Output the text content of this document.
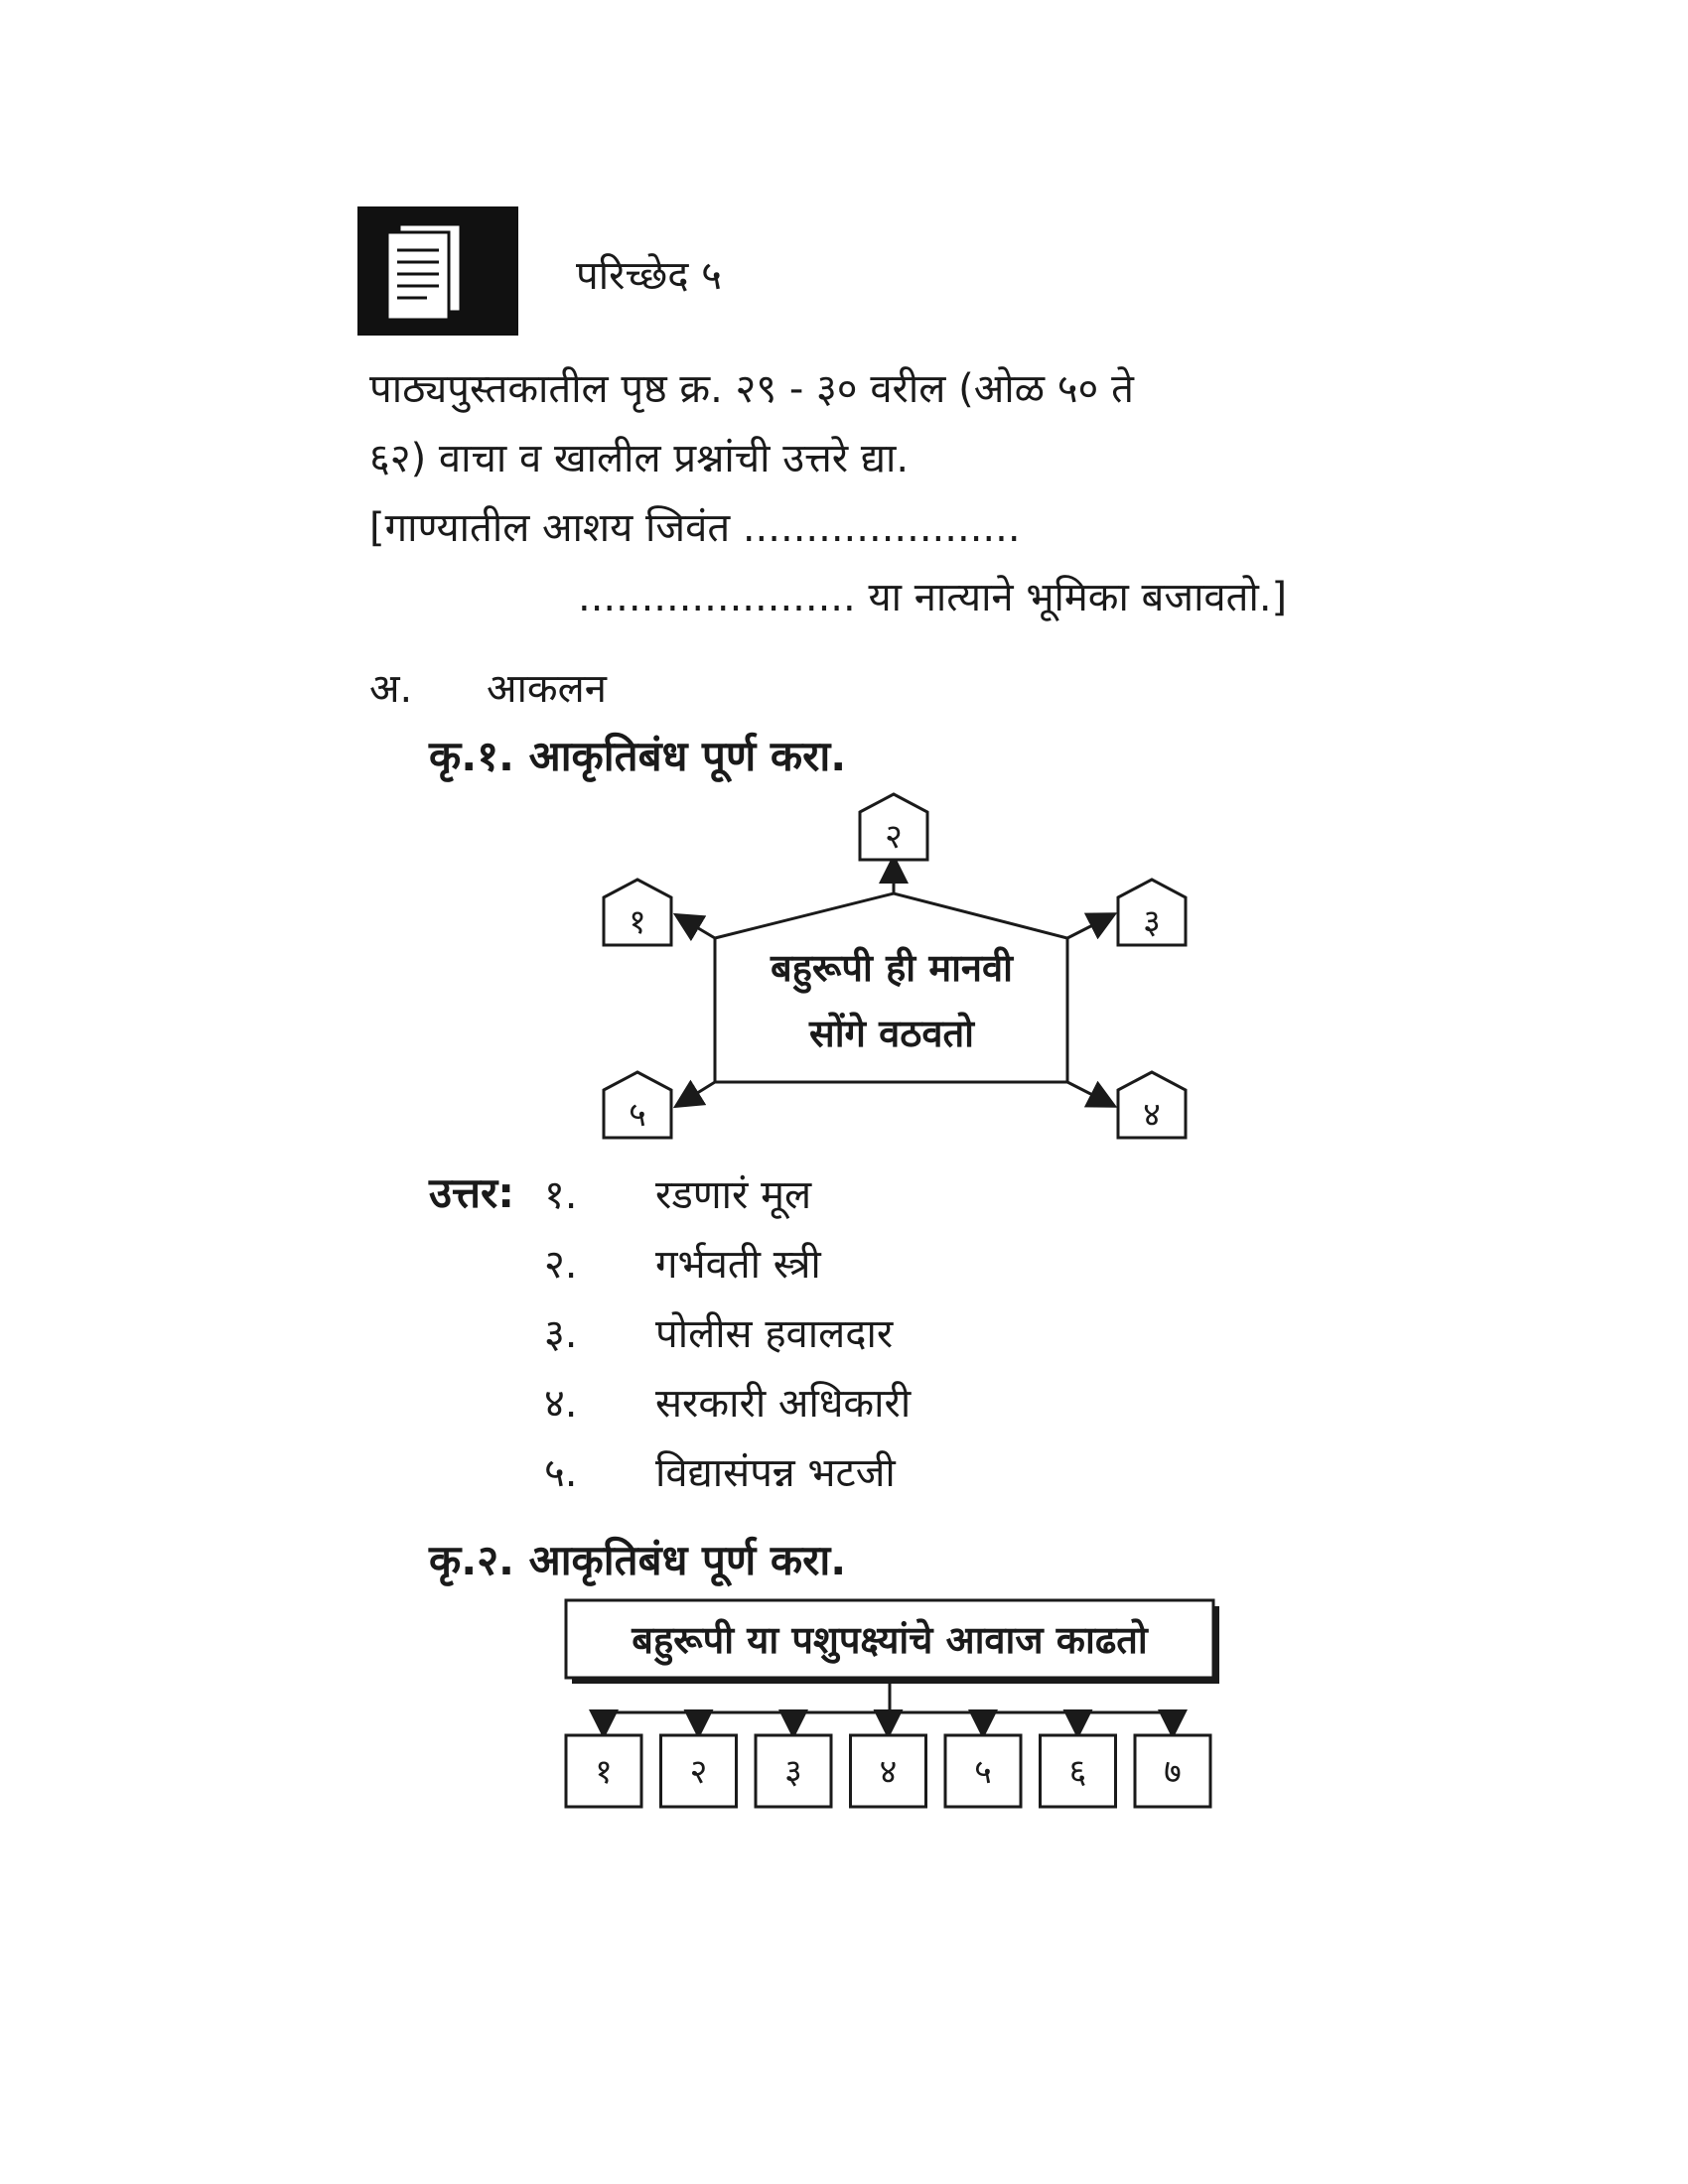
परिच्छेद ५
पाठ्यपुस्तकातील पृष्ठ क्र. २९ - ३० वरील (ओळ ५० ते
६२) वाचा व खालील प्रश्नांची उत्तरे द्या.
[गाण्यातील आशय जिवंत ......................
...................... या नात्याने भूमिका बजावतो.]
अ. आकलन
कृ.१. आकृतिबंध पूर्ण करा.
बहुरूपी ही मानवी
सोंगे वठवतो
२
१	३
५	४
उत्तर: १. रडणारं मूल
२. गर्भवती स्त्री
३. पोलीस हवालदार
४. सरकारी अधिकारी
५. विद्यासंपन्न भटजी
कृ.२. आकृतिबंध पूर्ण करा.
बहुरूपी या पशुपक्ष्यांचे आवाज काढतो
१ २ ३ ४ ५ ६ ७
